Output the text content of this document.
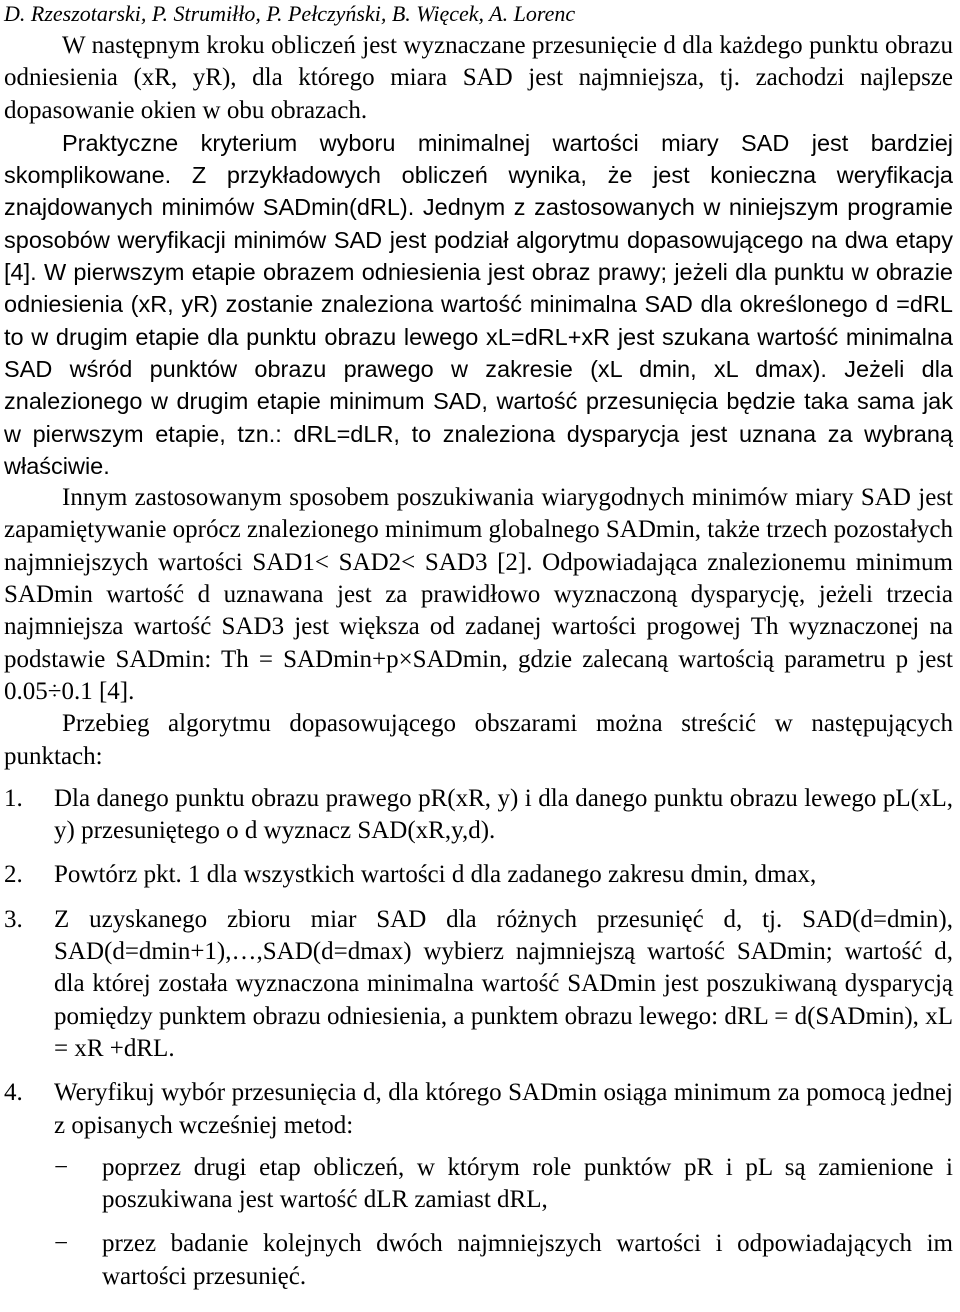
D. Rzeszotarski, P. Strumiłło, P. Pełczyński, B. Więcek, A. Lorenc

W następnym kroku obliczeń jest wyznaczane przesunięcie d dla każdego punktu obrazu odniesienia (xR, yR), dla którego miara SAD jest najmniejsza, tj. zachodzi najlepsze dopasowanie okien w obu obrazach.

Praktyczne kryterium wyboru minimalnej wartości miary SAD jest bardziej skomplikowane. Z przykładowych obliczeń wynika, że jest konieczna weryfikacja znajdowanych minimów SADmin(dRL). Jednym z zastosowanych w niniejszym programie sposobów weryfikacji minimów SAD jest podział algorytmu dopasowującego na dwa etapy [4]. W pierwszym etapie obrazem odniesienia jest obraz prawy; jeżeli dla punktu w obrazie odniesienia (xR, yR) zostanie znaleziona wartość minimalna SAD dla określonego d =dRL to w drugim etapie dla punktu obrazu lewego xL=dRL+xR jest szukana wartość minimalna SAD wśród punktów obrazu prawego w zakresie (xL dmin, xL dmax). Jeżeli dla znalezionego w drugim etapie minimum SAD, wartość przesunięcia będzie taka sama jak w pierwszym etapie, tzn.: dRL=dLR, to znaleziona dysparycja jest uznana za wybraną właściwie.

Innym zastosowanym sposobem poszukiwania wiarygodnych minimów miary SAD jest zapamiętywanie oprócz znalezionego minimum globalnego SADmin, także trzech pozostałych najmniejszych wartości SAD1< SAD2< SAD3 [2]. Odpowiadająca znalezionemu minimum SADmin wartość d uznawana jest za prawidłowo wyznaczoną dysparycję, jeżeli trzecia najmniejsza wartość SAD3 jest większa od zadanej wartości progowej Th wyznaczonej na podstawie SADmin: Th = SADmin+p×SADmin, gdzie zalecaną wartością parametru p jest 0.05÷0.1 [4].

Przebieg algorytmu dopasowującego obszarami można streścić w następujących punktach:

1. Dla danego punktu obrazu prawego pR(xR, y) i dla danego punktu obrazu lewego pL(xL, y) przesuniętego o d wyznacz SAD(xR,y,d).
2. Powtórz pkt. 1 dla wszystkich wartości d dla zadanego zakresu dmin, dmax,
3. Z uzyskanego zbioru miar SAD dla różnych przesunięć d, tj. SAD(d=dmin), SAD(d=dmin+1),…,SAD(d=dmax) wybierz najmniejszą wartość SADmin; wartość d, dla której została wyznaczona minimalna wartość SADmin jest poszukiwaną dysparycją pomiędzy punktem obrazu odniesienia, a punktem obrazu lewego: dRL = d(SADmin), xL = xR +dRL.
4. Weryfikuj wybór przesunięcia d, dla którego SADmin osiąga minimum za pomocą jednej z opisanych wcześniej metod:
− poprzez drugi etap obliczeń, w którym role punktów pR i pL są zamienione i poszukiwana jest wartość dLR zamiast dRL,
− przez badanie kolejnych dwóch najmniejszych wartości i odpowiadających im wartości przesunięć.
